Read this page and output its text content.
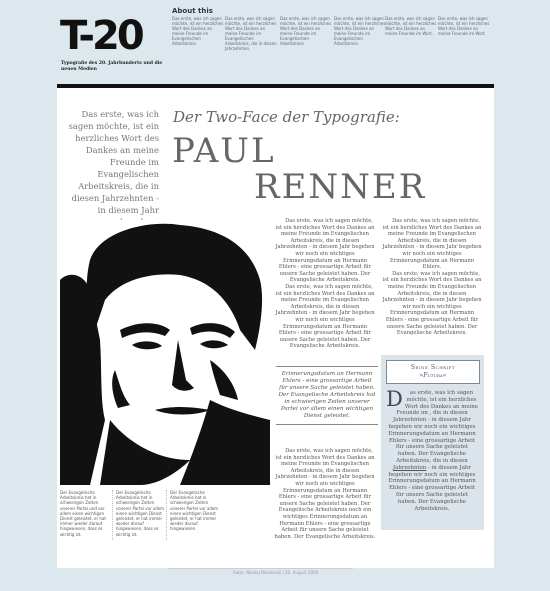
T-20
Typografie des 20. Jahrhunderts und die neuen Medien
About this
Das erste, was ich sagen möchte, ist ein herzliches Wort des Dankes an meine Freunde im Evangelischen Arbeitskreis.
Das erste, was ich sagen möchte, ist ein herzliches Wort des Dankes an meine Freunde im Evangelischen Arbeitskreis, die in diesen Jahrzehnten.
Das erste, was ich sagen möchte, ist ein herzliches Wort des Dankes an meine Freunde im Evangelischen Arbeitskreis.
Das erste, was ich sagen möchte, ist ein herzliches Wort des Dankes an meine Freunde im Evangelischen Arbeitskreis.
Das erste, was ich sagen möchte, ist ein herzliches Wort des Dankes an meine Freunde im Wort.
Das erste, was ich sagen möchte, ist ein herzliches Wort des Dankes an meine Freunde im Wort.
Das erste, was ich sagen möchte, ist ein herzliches Wort des Dankes an meine Freunde im Evangelischen Arbeitskreis, die in diesen Jahrzehnten - in diesem Jahr
Der Two-Face der Typografie:
PAUL
RENNER
Der Evangelische Arbeitskreis hat in schwierigen Zeiten unserer Partei und vor allem einen wichtigen Dienst geleistet, er hat immer wieder darauf hingewiesen, dass es wichtig ist.
Der Evangelische Arbeitskreis hat in schwierigen Zeiten unserer Partei vor allem einen wichtigen Dienst geleistet, er hat immer wieder darauf hingewiesen, dass es wichtig ist.
Der Evangelische Arbeitskreis hat in schwierigen Zeiten unserer Partei vor allem einen wichtigen Dienst geleistet, er hat immer wieder darauf hingewiesen.

Das erste, was ich sagen möchte, ist ein herzliches Wort des Dankes an meine Freunde im Evangelischen Arbeitskreis, die in diesen Jahrzehnten - in diesem Jahr begehen wir noch ein wichtiges Erinnerungsdatum an Hermann Ehlers - eine grossartige Arbeit für unsere Sache geleistet haben. Der Evangelische Arbeitskreis.

Das erste, was ich sagen möchte, ist ein herzliches Wort des Dankes an meine Freunde im Evangelischen Arbeitskreis, die in diesen Jahrzehnten - in diesem Jahr begehen wir noch ein wichtiges Erinnerungsdatum an Hermann Ehlers - eine grossartige Arbeit für unsere Sache geleistet haben. Der Evangelische Arbeitskreis.

Erinnerungsdatum an Hermann Ehlers - eine grossartige Arbeit für unsere Sache geleistet haben. Der Evangelische Arbeitskreis hat in schwierigen Zeiten unserer Partei vor allem einen wichtigen Dienst geleistet.

Das erste, was ich sagen möchte, ist ein herzliches Wort des Dankes an meine Freunde im Evangelischen Arbeitskreis, die in diesen Jahrzehnten - in diesem Jahr begehen wir noch ein wichtiges Erinnerungsdatum an Hermann Ehlers - eine grossartige Arbeit für unsere Sache geleistet haben. Der Evangelische Arbeitskreis noch ein wichtiges Erinnerungsdatum an Hermann Ehlers - eine grossartige Arbeit für unsere Sache geleistet haben. Der Evangelische Arbeitskreis.

Das erste, was ich sagen möchte, ist ein herzliches Wort des Dankes an meine Freunde im Evangelischen Arbeitskreis, die in diesen Jahrzehnten - in diesem Jahr begehen wir noch ein wichtiges Erinnerungsdatum an Hermann Ehlers.

Das erste, was ich sagen möchte, ist ein herzliches Wort des Dankes an meine Freunde im Evangelischen Arbeitskreis, die in diesen Jahrzehnten - in diesem Jahr begehen wir noch ein wichtiges Erinnerungsdatum an Hermann Ehlers - eine grossartige Arbeit für unsere Sache geleistet haben. Der Evangelische Arbeitskreis.

Seine Schrift
»Futura«
D as erste, was ich sagen möchte, ist ein herzliches Wort des Dankes an meine Freunde im , die in diesen Jahrzehnten - in diesem Jahr begehen wir noch ein wichtiges Erinnerungsdatum an Hermann Ehlers - eine grossartige Arbeit für unsere Sache geleistet haben. Der Evangelische Arbeitskreis, die in diesen Jahrzehnten - in diesem Jahr begehen wir noch ein wichtiges Erinnerungsdatum an Hermann Ehlers - eine grossartige Arbeit für unsere Sache geleistet haben. Der Evangelische Arbeitskreis.
Autor: Nikolaj Nikolovski | 20. August 2009
